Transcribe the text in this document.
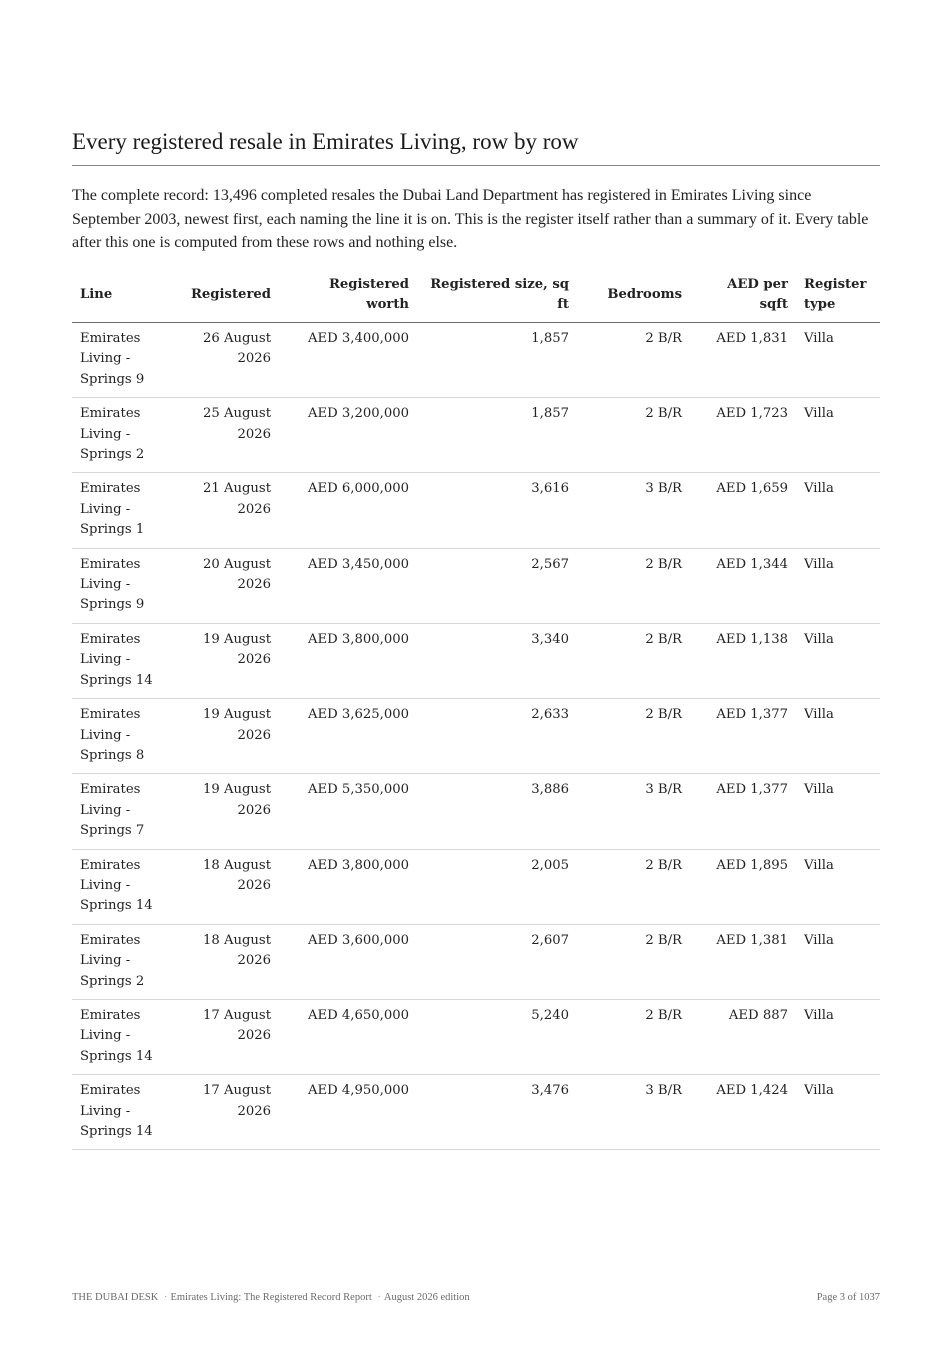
Every registered resale in Emirates Living, row by row

The complete record: 13,496 completed resales the Dubai Land Department has registered in Emirates Living since September 2003, newest first, each naming the line it is on. This is the register itself rather than a summary of it. Every table after this one is computed from these rows and nothing else.

Line	Registered	Registered worth	Registered size, sq ft	Bedrooms	AED per sqft	Register type
Emirates Living - Springs 9	26 August 2026	AED 3,400,000	1,857	2 B/R	AED 1,831	Villa
Emirates Living - Springs 2	25 August 2026	AED 3,200,000	1,857	2 B/R	AED 1,723	Villa
Emirates Living - Springs 1	21 August 2026	AED 6,000,000	3,616	3 B/R	AED 1,659	Villa
Emirates Living - Springs 9	20 August 2026	AED 3,450,000	2,567	2 B/R	AED 1,344	Villa
Emirates Living - Springs 14	19 August 2026	AED 3,800,000	3,340	2 B/R	AED 1,138	Villa
Emirates Living - Springs 8	19 August 2026	AED 3,625,000	2,633	2 B/R	AED 1,377	Villa
Emirates Living - Springs 7	19 August 2026	AED 5,350,000	3,886	3 B/R	AED 1,377	Villa
Emirates Living - Springs 14	18 August 2026	AED 3,800,000	2,005	2 B/R	AED 1,895	Villa
Emirates Living - Springs 2	18 August 2026	AED 3,600,000	2,607	2 B/R	AED 1,381	Villa
Emirates Living - Springs 14	17 August 2026	AED 4,650,000	5,240	2 B/R	AED 887	Villa
Emirates Living - Springs 14	17 August 2026	AED 4,950,000	3,476	3 B/R	AED 1,424	Villa
THE DUBAI DESK · Emirates Living: The Registered Record Report · August 2026 edition	Page 3 of 1037
